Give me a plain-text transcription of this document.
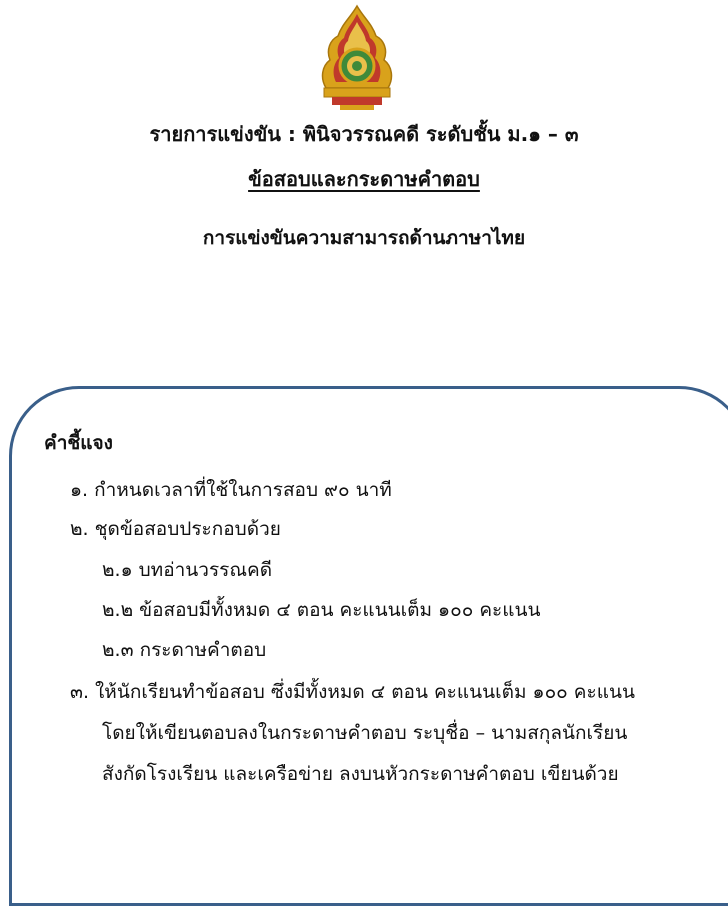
รายการแข่งขัน : พินิจวรรณคดี ระดับชั้น ม.๑ – ๓
ข้อสอบและกระดาษคำตอบ
การแข่งขันความสามารถด้านภาษาไทย
คำชี้แจง
๑. กำหนดเวลาที่ใช้ในการสอบ ๙๐ นาที
๒. ชุดข้อสอบประกอบด้วย
๒.๑ บทอ่านวรรณคดี
๒.๒ ข้อสอบมีทั้งหมด ๔ ตอน คะแนนเต็ม ๑๐๐ คะแนน
๒.๓ กระดาษคำตอบ
๓. ให้นักเรียนทำข้อสอบ ซึ่งมีทั้งหมด ๔ ตอน คะแนนเต็ม ๑๐๐ คะแนน
โดยให้เขียนตอบลงในกระดาษคำตอบ ระบุชื่อ – นามสกุลนักเรียน
สังกัดโรงเรียน และเครือข่าย ลงบนหัวกระดาษคำตอบ เขียนด้วย
